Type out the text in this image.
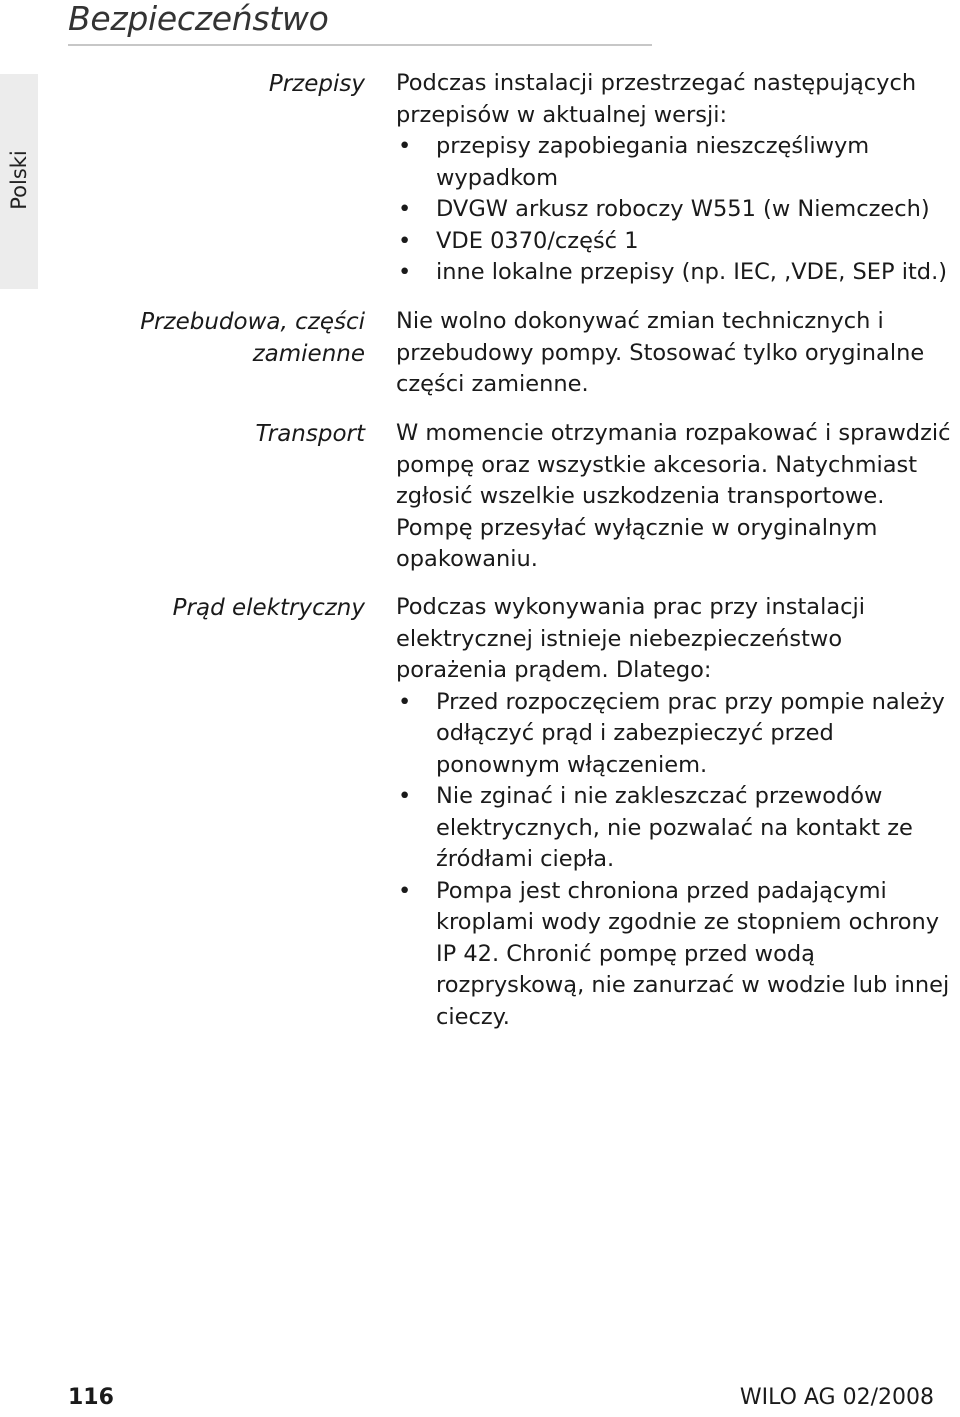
Bezpieczeństwo
Polski
Przepisy Podczas instalacji przestrzegać następujących przepisów w aktualnej wersji:

• przepisy zapobiegania nieszczęśliwym wypadkom
• DVGW arkusz roboczy W551 (w Niemczech)
• VDE 0370/część 1
• inne lokalne przepisy (np. IEC, ,VDE, SEP itd.)
Przebudowa, części
zamienne

Nie wolno dokonywać zmian technicznych i przebudowy pompy. Stosować tylko oryginalne części zamienne.

Transport W momencie otrzymania rozpakować i sprawdzić pompę oraz wszystkie akcesoria. Natychmiast zgłosić wszelkie uszkodzenia transportowe. Pompę przesyłać wyłącznie w oryginalnym opakowaniu.

Prąd elektryczny Podczas wykonywania prac przy instalacji elektrycznej istnieje niebezpieczeństwo porażenia prądem. Dlatego:

• Przed rozpoczęciem prac przy pompie należy odłączyć prąd i zabezpieczyć przed ponownym włączeniem.
• Nie zginać i nie zakleszczać przewodów elektrycznych, nie pozwalać na kontakt ze źródłami ciepła.
• Pompa jest chroniona przed padającymi kroplami wody zgodnie ze stopniem ochrony IP 42. Chronić pompę przed wodą rozpryskową, nie zanurzać w wodzie lub innej cieczy.
116	WILO AG 02/2008
